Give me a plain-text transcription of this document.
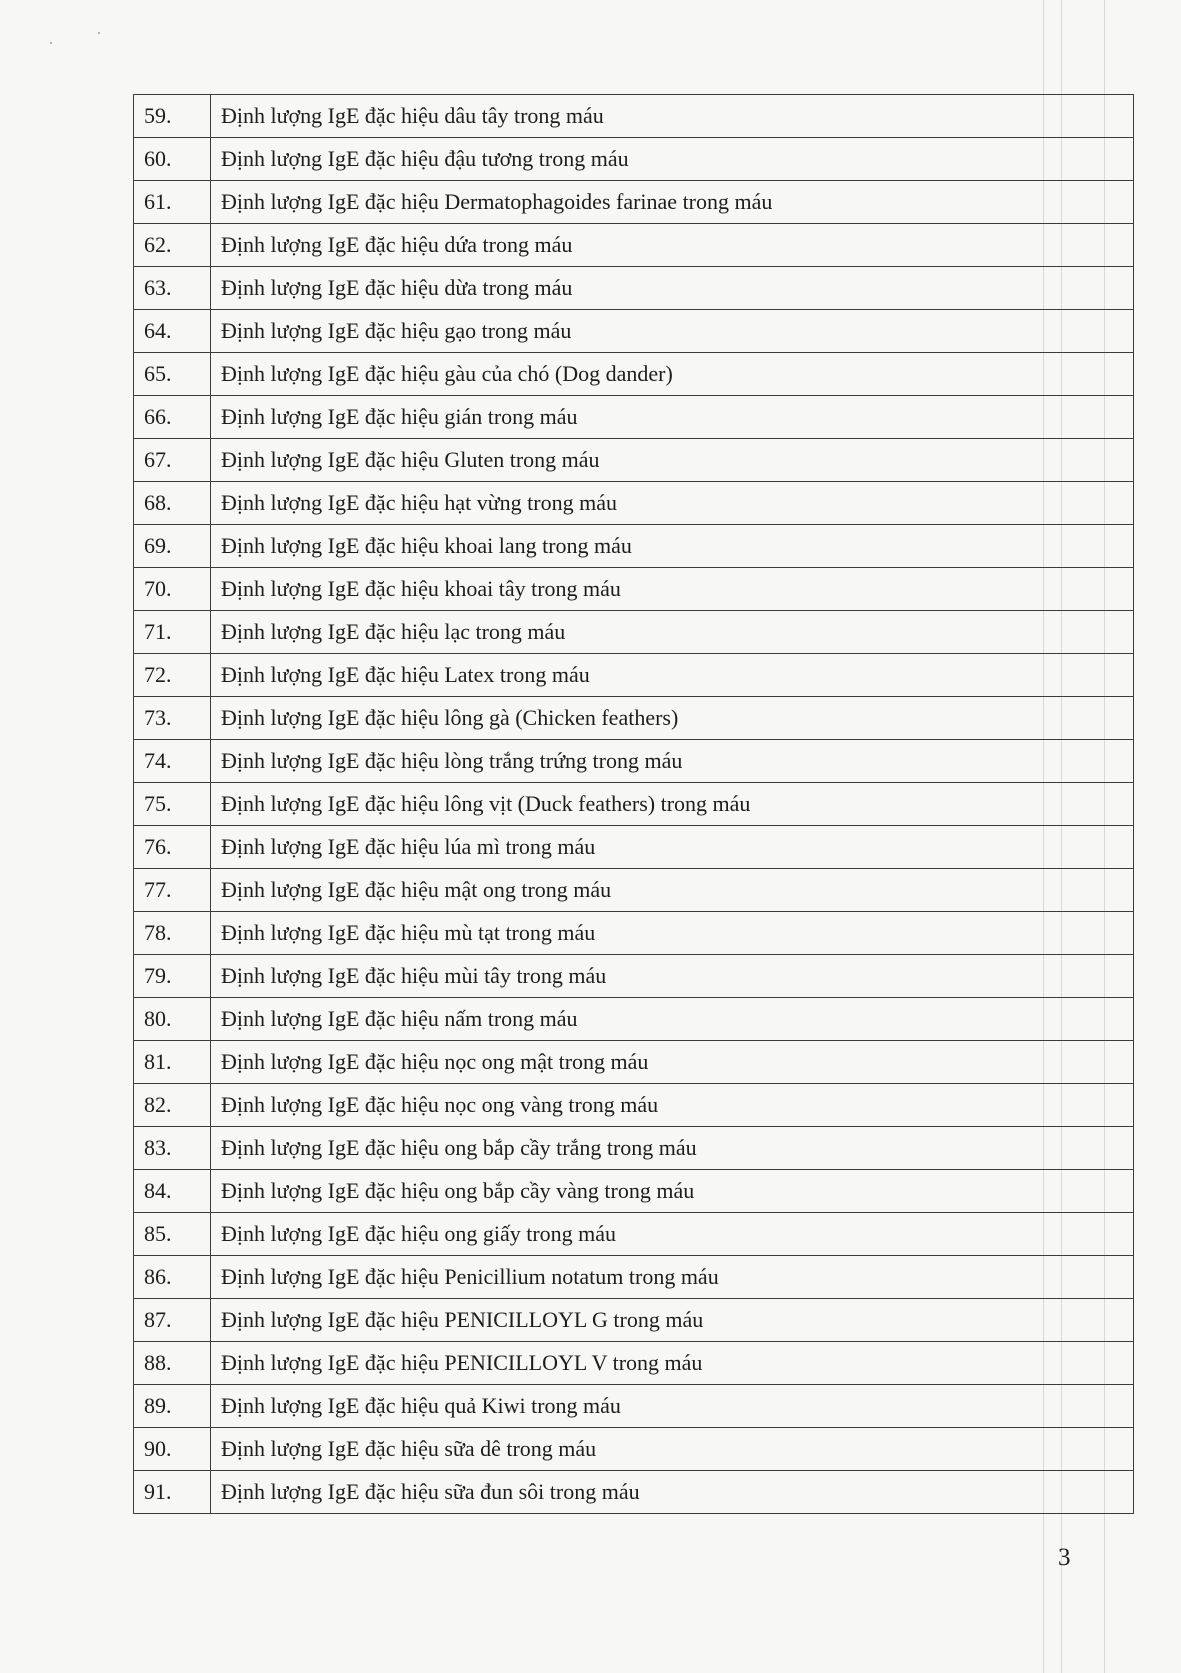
59.	Định lượng IgE đặc hiệu dâu tây trong máu
60.	Định lượng IgE đặc hiệu đậu tương trong máu
61.	Định lượng IgE đặc hiệu Dermatophagoides farinae trong máu
62.	Định lượng IgE đặc hiệu dứa trong máu
63.	Định lượng IgE đặc hiệu dừa trong máu
64.	Định lượng IgE đặc hiệu gạo trong máu
65.	Định lượng IgE đặc hiệu gàu của chó (Dog dander)
66.	Định lượng IgE đặc hiệu gián trong máu
67.	Định lượng IgE đặc hiệu Gluten trong máu
68.	Định lượng IgE đặc hiệu hạt vừng trong máu
69.	Định lượng IgE đặc hiệu khoai lang trong máu
70.	Định lượng IgE đặc hiệu khoai tây trong máu
71.	Định lượng IgE đặc hiệu lạc trong máu
72.	Định lượng IgE đặc hiệu Latex trong máu
73.	Định lượng IgE đặc hiệu lông gà (Chicken feathers)
74.	Định lượng IgE đặc hiệu lòng trắng trứng trong máu
75.	Định lượng IgE đặc hiệu lông vịt (Duck feathers) trong máu
76.	Định lượng IgE đặc hiệu lúa mì trong máu
77.	Định lượng IgE đặc hiệu mật ong trong máu
78.	Định lượng IgE đặc hiệu mù tạt trong máu
79.	Định lượng IgE đặc hiệu mùi tây trong máu
80.	Định lượng IgE đặc hiệu nấm trong máu
81.	Định lượng IgE đặc hiệu nọc ong mật trong máu
82.	Định lượng IgE đặc hiệu nọc ong vàng trong máu
83.	Định lượng IgE đặc hiệu ong bắp cầy trắng trong máu
84.	Định lượng IgE đặc hiệu ong bắp cầy vàng trong máu
85.	Định lượng IgE đặc hiệu ong giấy trong máu
86.	Định lượng IgE đặc hiệu Penicillium notatum trong máu
87.	Định lượng IgE đặc hiệu PENICILLOYL G trong máu
88.	Định lượng IgE đặc hiệu PENICILLOYL V trong máu
89.	Định lượng IgE đặc hiệu quả Kiwi trong máu
90.	Định lượng IgE đặc hiệu sữa dê trong máu
91.	Định lượng IgE đặc hiệu sữa đun sôi trong máu
3
